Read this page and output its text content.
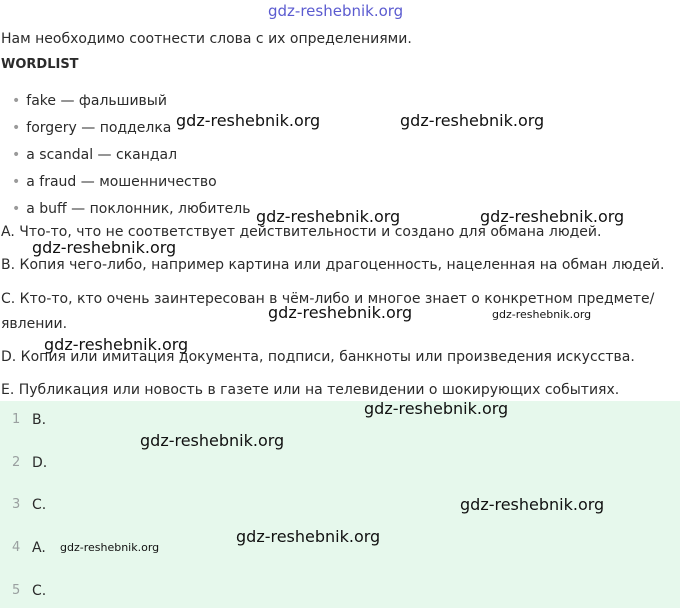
gdz-reshebnik.org
Нам необходимо соотнести слова с их определениями.
WORDLIST
• fake — фальшивый
• forgery — подделка
• a scandal — скандал
• a fraud — мошенничество
• a buff — поклонник, любитель
A. Что-то, что не соответствует действительности и создано для обмана людей.
B. Копия чего-либо, например картина или драгоценность, нацеленная на обман людей.
C. Кто-то, кто очень заинтересован в чём-либо и многое знает о конкретном предмете/
явлении.
D. Копия или имитация документа, подписи, банкноты или произведения искусства.
E. Публикация или новость в газете или на телевидении о шокирующих событиях.
1 B.
2 D.
3 C.
4 A.
5 C.
gdz-reshebnik.org	gdz-reshebnik.org
gdz-reshebnik.org	gdz-reshebnik.org
gdz-reshebnik.org
gdz-reshebnik.org	gdz-reshebnik.org
gdz-reshebnik.org
gdz-reshebnik.org
gdz-reshebnik.org
gdz-reshebnik.org
gdz-reshebnik.org
gdz-reshebnik.org
